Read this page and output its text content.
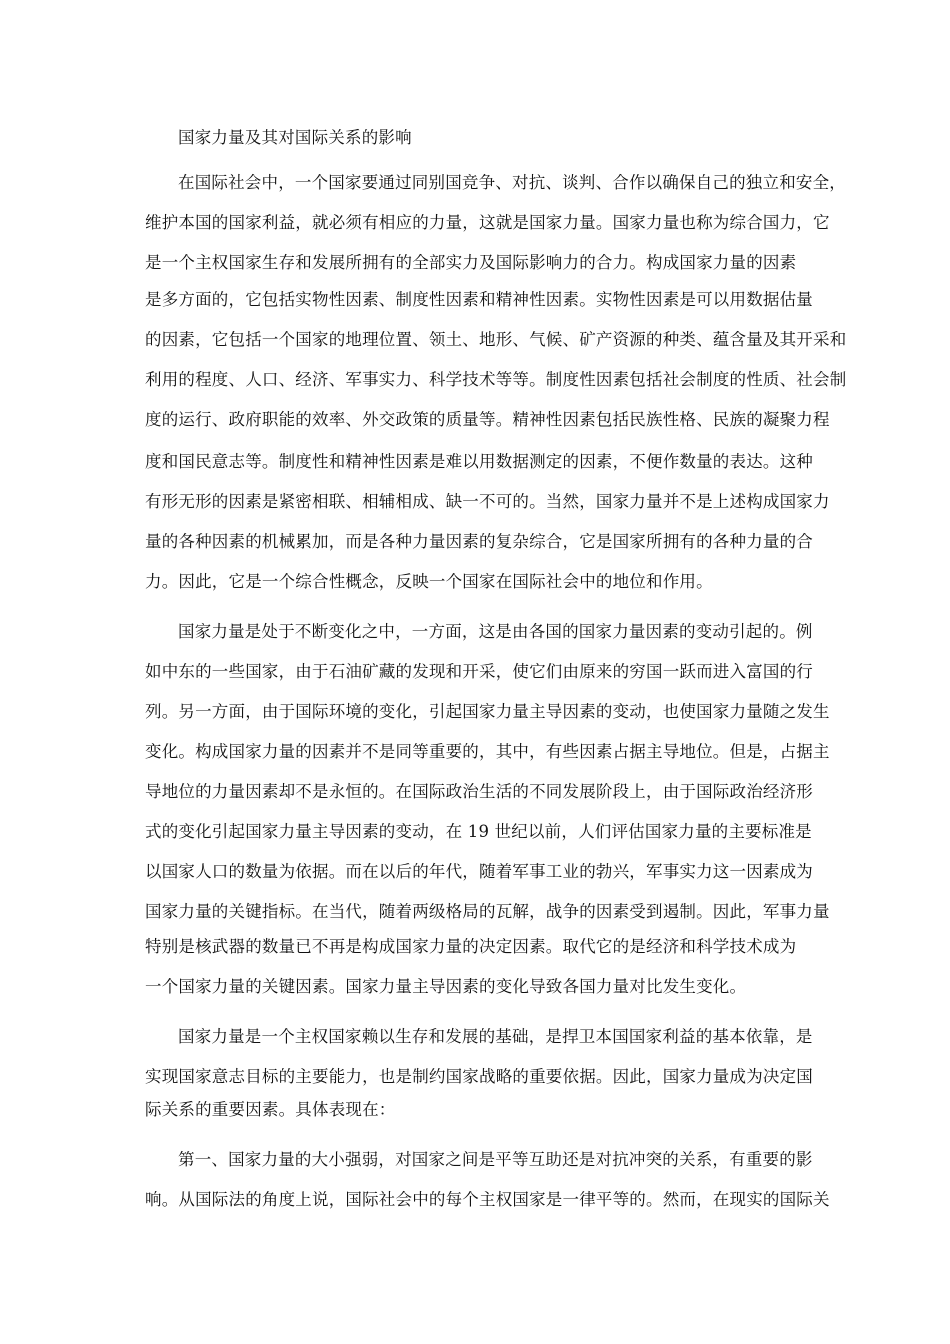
国家力量及其对国际关系的影响
在国际社会中，一个国家要通过同别国竞争、对抗、谈判、合作以确保自己的独立和安全，
维护本国的国家利益，就必须有相应的力量，这就是国家力量。国家力量也称为综合国力，它
是一个主权国家生存和发展所拥有的全部实力及国际影响力的合力。构成国家力量的因素
是多方面的，它包括实物性因素、制度性因素和精神性因素。实物性因素是可以用数据估量
的因素，它包括一个国家的地理位置、领土、地形、气候、矿产资源的种类、蕴含量及其开采和
利用的程度、人口、经济、军事实力、科学技术等等。制度性因素包括社会制度的性质、社会制
度的运行、政府职能的效率、外交政策的质量等。精神性因素包括民族性格、民族的凝聚力程
度和国民意志等。制度性和精神性因素是难以用数据测定的因素，不便作数量的表达。这种
有形无形的因素是紧密相联、相辅相成、缺一不可的。当然，国家力量并不是上述构成国家力
量的各种因素的机械累加，而是各种力量因素的复杂综合，它是国家所拥有的各种力量的合
力。因此，它是一个综合性概念，反映一个国家在国际社会中的地位和作用。
国家力量是处于不断变化之中，一方面，这是由各国的国家力量因素的变动引起的。例
如中东的一些国家，由于石油矿藏的发现和开采，使它们由原来的穷国一跃而进入富国的行
列。另一方面，由于国际环境的变化，引起国家力量主导因素的变动，也使国家力量随之发生
变化。构成国家力量的因素并不是同等重要的，其中，有些因素占据主导地位。但是，占据主
导地位的力量因素却不是永恒的。在国际政治生活的不同发展阶段上，由于国际政治经济形
式的变化引起国家力量主导因素的变动，在 19 世纪以前，人们评估国家力量的主要标准是
以国家人口的数量为依据。而在以后的年代，随着军事工业的勃兴，军事实力这一因素成为
国家力量的关键指标。在当代，随着两级格局的瓦解，战争的因素受到遏制。因此，军事力量
特别是核武器的数量已不再是构成国家力量的决定因素。取代它的是经济和科学技术成为
一个国家力量的关键因素。国家力量主导因素的变化导致各国力量对比发生变化。
国家力量是一个主权国家赖以生存和发展的基础，是捍卫本国国家利益的基本依靠，是
实现国家意志目标的主要能力，也是制约国家战略的重要依据。因此，国家力量成为决定国
际关系的重要因素。具体表现在：
第一、国家力量的大小强弱，对国家之间是平等互助还是对抗冲突的关系，有重要的影
响。从国际法的角度上说，国际社会中的每个主权国家是一律平等的。然而，在现实的国际关
